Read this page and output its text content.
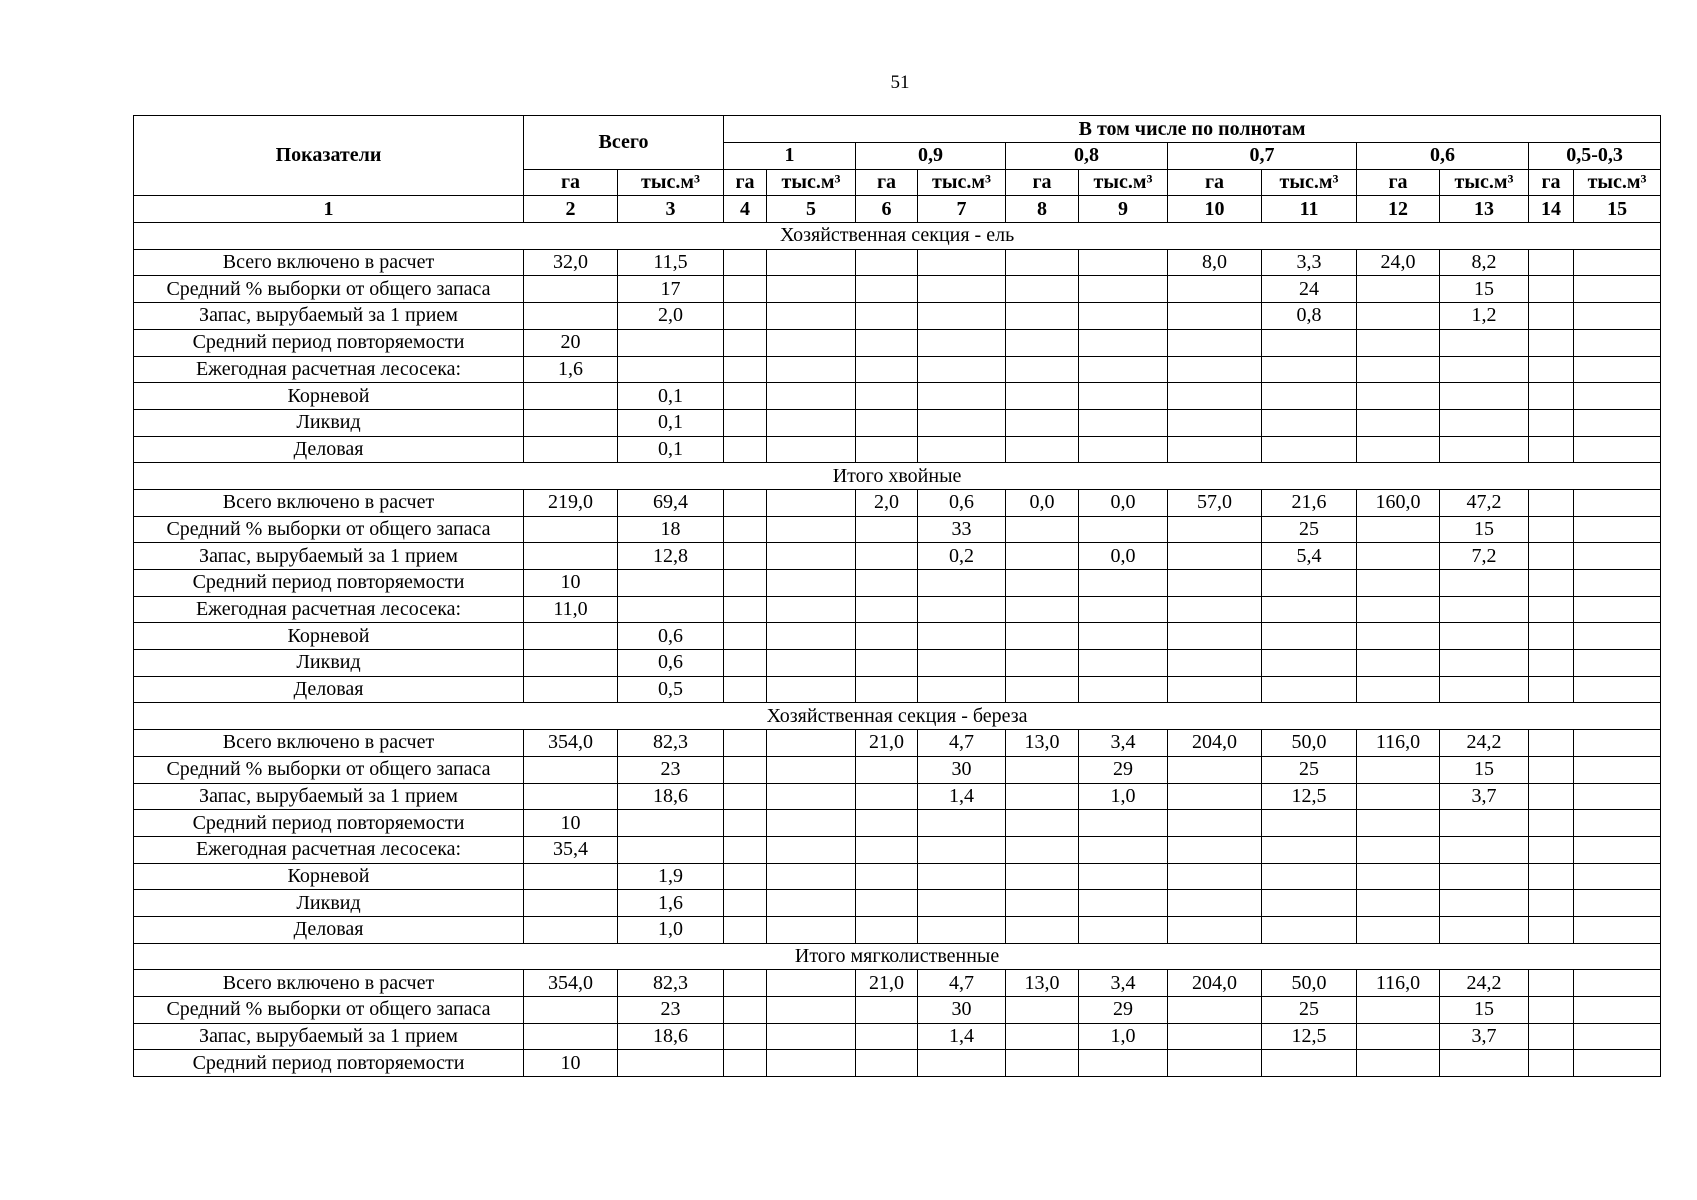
51
Показатели	Всего		В том числе по полнотам											
			1		0,9		0,8		0,7		0,6		0,5-0,3	
	га	тыс.м³	га	тыс.м³	га	тыс.м³	га	тыс.м³	га	тыс.м³	га	тыс.м³	га	тыс.м³
1	2	3	4	5	6	7	8	9	10	11	12	13	14	15
Хозяйственная секция - ель														
Всего включено в расчет	32,0	11,5							8,0	3,3	24,0	8,2		
Средний % выборки от общего запаса		17								24		15		
Запас, вырубаемый за 1 прием		2,0								0,8		1,2		
Средний период повторяемости	20													
Ежегодная расчетная лесосека:	1,6													
Корневой		0,1												
Ликвид		0,1												
Деловая		0,1												
Итого хвойные														
Всего включено в расчет	219,0	69,4			2,0	0,6	0,0	0,0	57,0	21,6	160,0	47,2		
Средний % выборки от общего запаса		18				33				25		15		
Запас, вырубаемый за 1 прием		12,8				0,2		0,0		5,4		7,2		
Средний период повторяемости	10													
Ежегодная расчетная лесосека:	11,0													
Корневой		0,6												
Ликвид		0,6												
Деловая		0,5												
Хозяйственная секция - береза														
Всего включено в расчет	354,0	82,3			21,0	4,7	13,0	3,4	204,0	50,0	116,0	24,2		
Средний % выборки от общего запаса		23				30		29		25		15		
Запас, вырубаемый за 1 прием		18,6				1,4		1,0		12,5		3,7		
Средний период повторяемости	10													
Ежегодная расчетная лесосека:	35,4													
Корневой		1,9												
Ликвид		1,6												
Деловая		1,0												
Итого мягколиственные														
Всего включено в расчет	354,0	82,3			21,0	4,7	13,0	3,4	204,0	50,0	116,0	24,2		
Средний % выборки от общего запаса		23				30		29		25		15		
Запас, вырубаемый за 1 прием		18,6				1,4		1,0		12,5		3,7		
Средний период повторяемости	10													
